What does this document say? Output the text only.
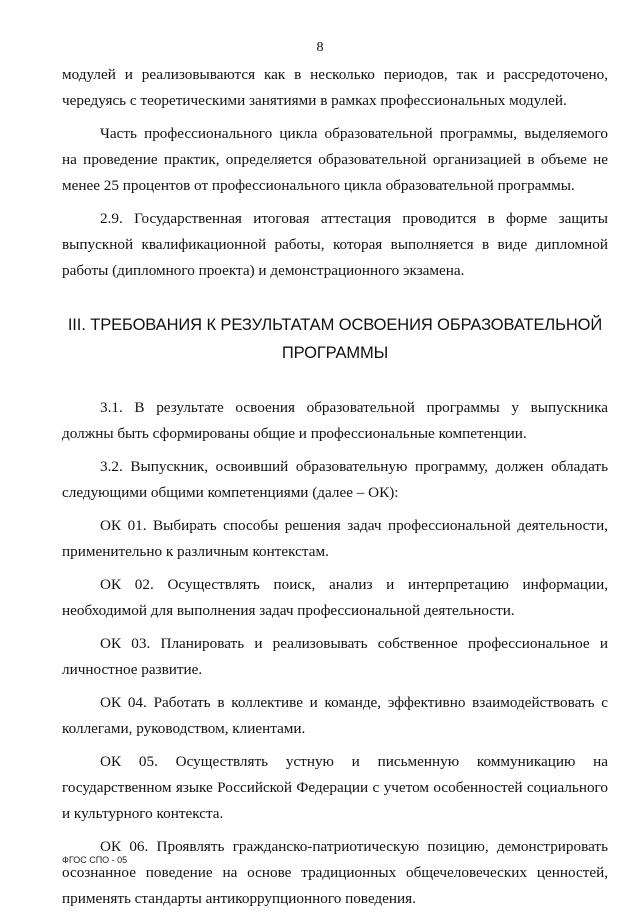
8

модулей и реализовываются как в несколько периодов, так и рассредоточено, чередуясь с теоретическими занятиями в рамках профессиональных модулей.

Часть профессионального цикла образовательной программы, выделяемого на проведение практик, определяется образовательной организацией в объеме не менее 25 процентов от профессионального цикла образовательной программы.

2.9. Государственная итоговая аттестация проводится в форме защиты выпускной квалификационной работы, которая выполняется в виде дипломной работы (дипломного проекта) и демонстрационного экзамена.

III. ТРЕБОВАНИЯ К РЕЗУЛЬТАТАМ ОСВОЕНИЯ ОБРАЗОВАТЕЛЬНОЙ
ПРОГРАММЫ

3.1. В результате освоения образовательной программы у выпускника должны быть сформированы общие и профессиональные компетенции.

3.2. Выпускник, освоивший образовательную программу, должен обладать следующими общими компетенциями (далее – ОК):

ОК 01. Выбирать способы решения задач профессиональной деятельности, применительно к различным контекстам.

ОК 02. Осуществлять поиск, анализ и интерпретацию информации, необходимой для выполнения задач профессиональной деятельности.

ОК 03. Планировать и реализовывать собственное профессиональное и личностное развитие.

ОК 04. Работать в коллективе и команде, эффективно взаимодействовать с коллегами, руководством, клиентами.

ОК 05. Осуществлять устную и письменную коммуникацию на государственном языке Российской Федерации с учетом особенностей социального и культурного контекста.

ОК 06. Проявлять гражданско-патриотическую позицию, демонстрировать осознанное поведение на основе традиционных общечеловеческих ценностей, применять стандарты антикоррупционного поведения.

ФГОС СПО - 05
